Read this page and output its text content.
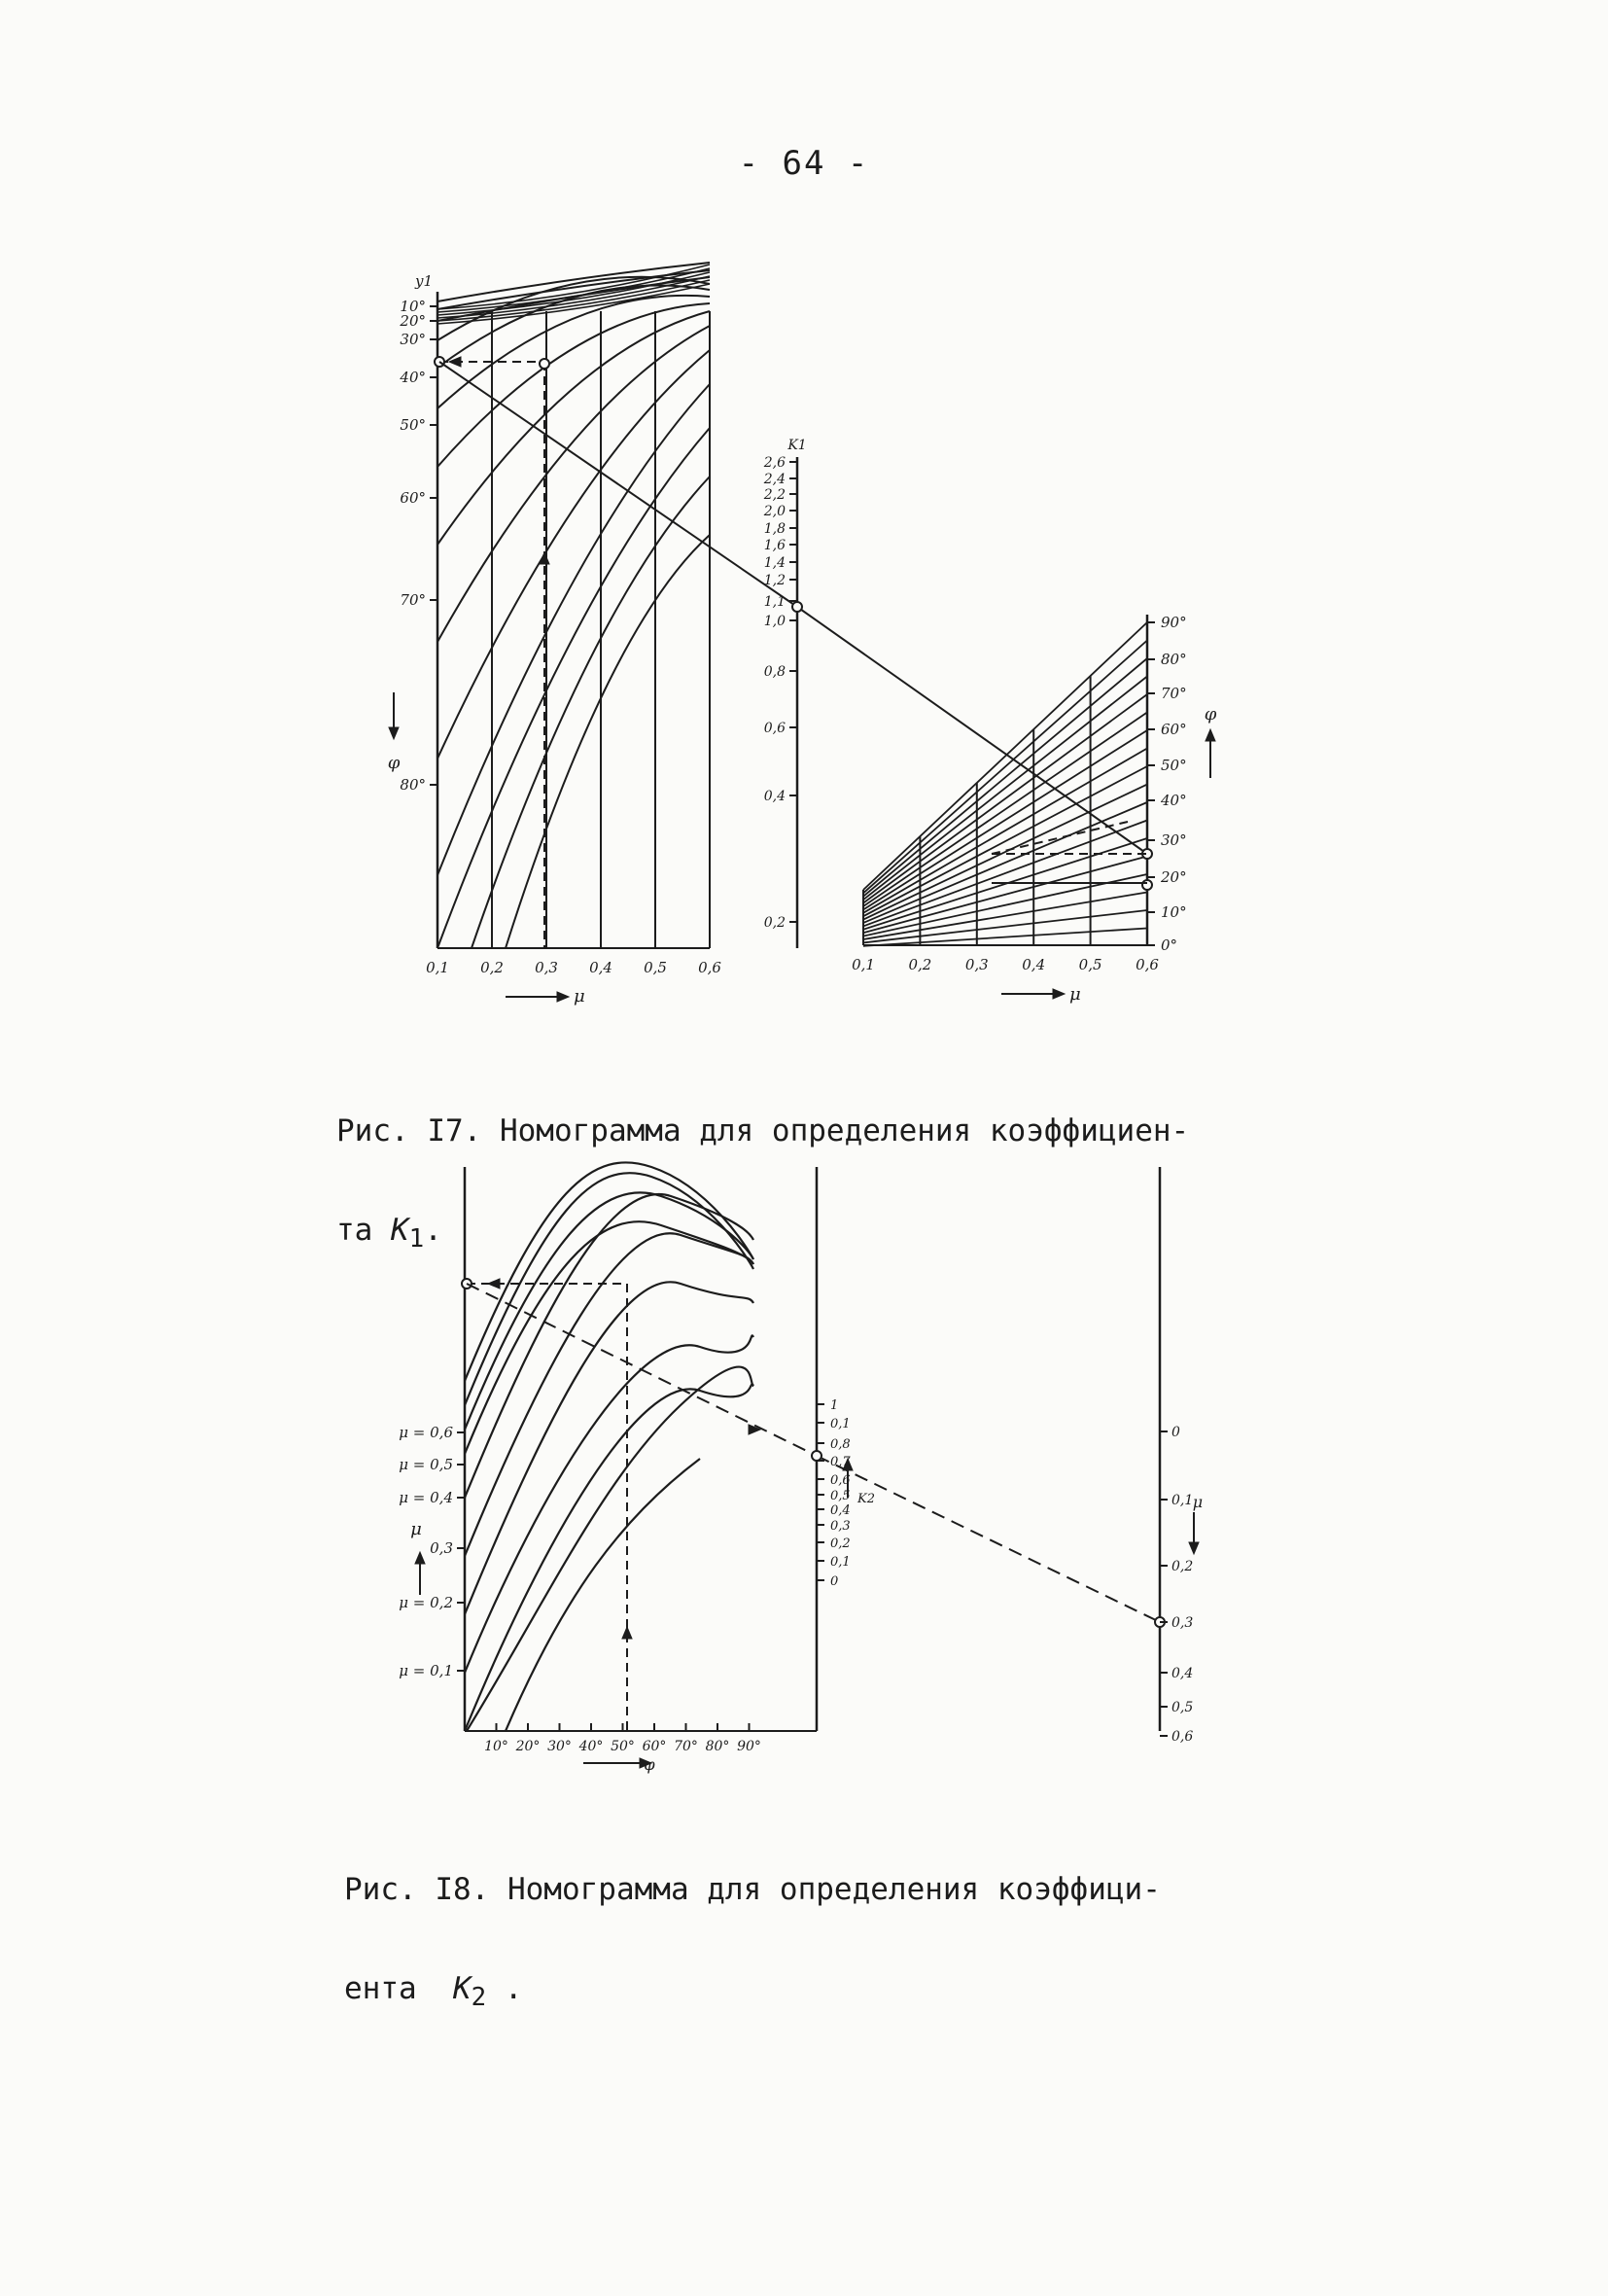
- 64 -
10°
20°
30°
40°
50°
60°
70°
80°
y1
φ
0,1 0,2 0,3 0,4 0,5 0,6
μ
2,6
2,4
2,2
2,0
1,8
1,6
1,4
1,2
1,1
1,0
0,8
0,6
0,4
0,2
K1
90°
80°
70°
60°
50°
40°
30°
20°
10°
0°
0,1 0,2 0,3 0,4 0,5 0,6
φ
μ

Рис. I7. Номограмма для определения коэффициен-

та $K_1$.

μ = 0,6
μ = 0,5
μ = 0,4
0,3
μ = 0,2
μ = 0,1
μ
10° 20° 30° 40° 50° 60° 70° 80° 90°
φ
1
0,1
0,8
0,7
0,6
0,5
0,4
0,3
0,2
0,1
0
K2
0
0,1
0,2
0,3
0,4
0,5
0,6
μ

Рис. I8. Номограмма для определения коэффици-

ента  $K_2$ .
